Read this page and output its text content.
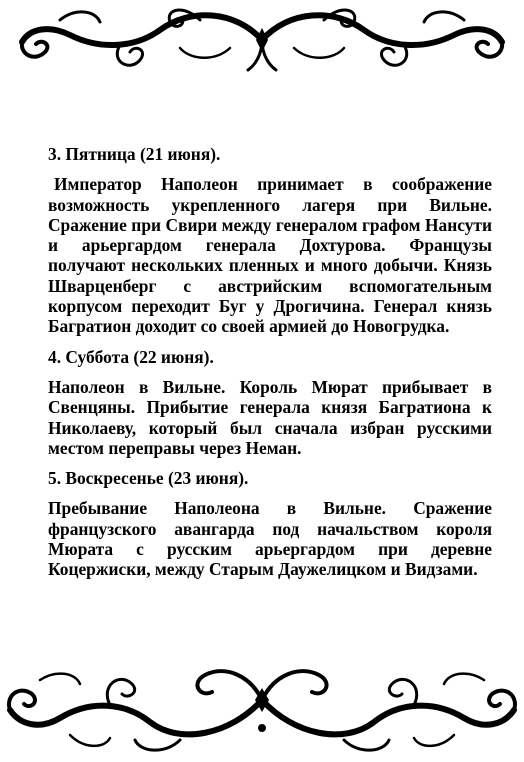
3. Пятница (21 июня).

Император Наполеон принимает в соображение возможность укрепленного лагеря при Вильне. Сражение при Свири между генералом графом Нансути и арьергардом генерала Дохтурова. Французы получают нескольких пленных и много добычи. Князь Шварценберг с австрийским вспомогательным корпусом переходит Буг у Дрогичина. Генерал князь Багратион доходит со своей армией до Новогрудка.

4. Суббота (22 июня).

Наполеон в Вильне. Король Мюрат прибывает в Свенцяны. Прибытие генерала князя Багратиона к Николаеву, который был сначала избран русскими местом переправы через Неман.

5. Воскресенье (23 июня).

Пребывание Наполеона в Вильне. Сражение французского авангарда под начальством короля Мюрата с русским арьергардом при деревне Коцержиски, между Старым Даужелицком и Видзами.
